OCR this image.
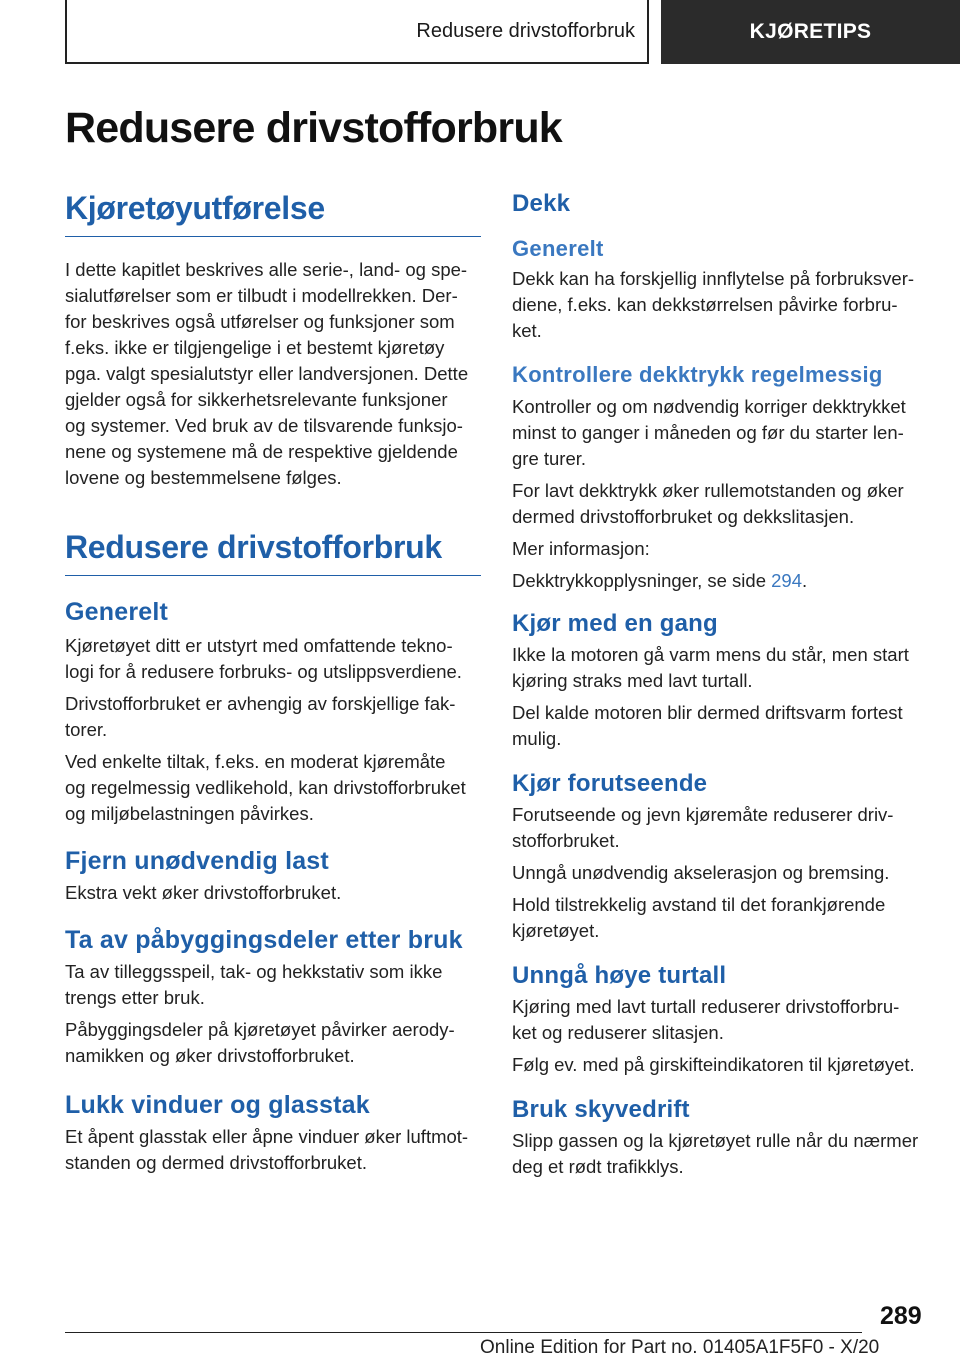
Redusere drivstofforbruk	KJØRETIPS
Redusere drivstofforbruk
Kjøretøyutførelse

I dette kapitlet beskrives alle serie-, land- og spe-
sialutførelser som er tilbudt i modellrekken. Der-
for beskrives også utførelser og funksjoner som
f.eks. ikke er tilgjengelige i et bestemt kjøretøy
pga. valgt spesialutstyr eller landversjonen. Dette
gjelder også for sikkerhetsrelevante funksjoner
og systemer. Ved bruk av de tilsvarende funksjo-
nene og systemene må de respektive gjeldende
lovene og bestemmelsene følges.

Redusere drivstofforbruk
Generelt

Kjøretøyet ditt er utstyrt med omfattende tekno-
logi for å redusere forbruks- og utslippsverdiene.

Drivstofforbruket er avhengig av forskjellige fak-
torer.

Ved enkelte tiltak, f.eks. en moderat kjøremåte
og regelmessig vedlikehold, kan drivstofforbruket
og miljøbelastningen påvirkes.

Fjern unødvendig last

Ekstra vekt øker drivstofforbruket.

Ta av påbyggingsdeler etter bruk

Ta av tilleggsspeil, tak- og hekkstativ som ikke
trengs etter bruk.

Påbyggingsdeler på kjøretøyet påvirker aerody-
namikken og øker drivstofforbruket.

Lukk vinduer og glasstak

Et åpent glasstak eller åpne vinduer øker luftmot-
standen og dermed drivstofforbruket.

Dekk
Generelt

Dekk kan ha forskjellig innflytelse på forbruksver-
diene, f.eks. kan dekkstørrelsen påvirke forbru-
ket.

Kontrollere dekktrykk regelmessig

Kontroller og om nødvendig korriger dekktrykket
minst to ganger i måneden og før du starter len-
gre turer.

For lavt dekktrykk øker rullemotstanden og øker
dermed drivstofforbruket og dekkslitasjen.

Mer informasjon:

Dekktrykkopplysninger, se side 294.

Kjør med en gang

Ikke la motoren gå varm mens du står, men start
kjøring straks med lavt turtall.

Del kalde motoren blir dermed driftsvarm fortest
mulig.

Kjør forutseende

Forutseende og jevn kjøremåte reduserer driv-
stofforbruket.

Unngå unødvendig akselerasjon og bremsing.

Hold tilstrekkelig avstand til det forankjørende
kjøretøyet.

Unngå høye turtall

Kjøring med lavt turtall reduserer drivstofforbru-
ket og reduserer slitasjen.

Følg ev. med på girskifteindikatoren til kjøretøyet.

Bruk skyvedrift

Slipp gassen og la kjøretøyet rulle når du nærmer
deg et rødt trafikklys.

289
Online Edition for Part no. 01405A1F5F0 - X/20
